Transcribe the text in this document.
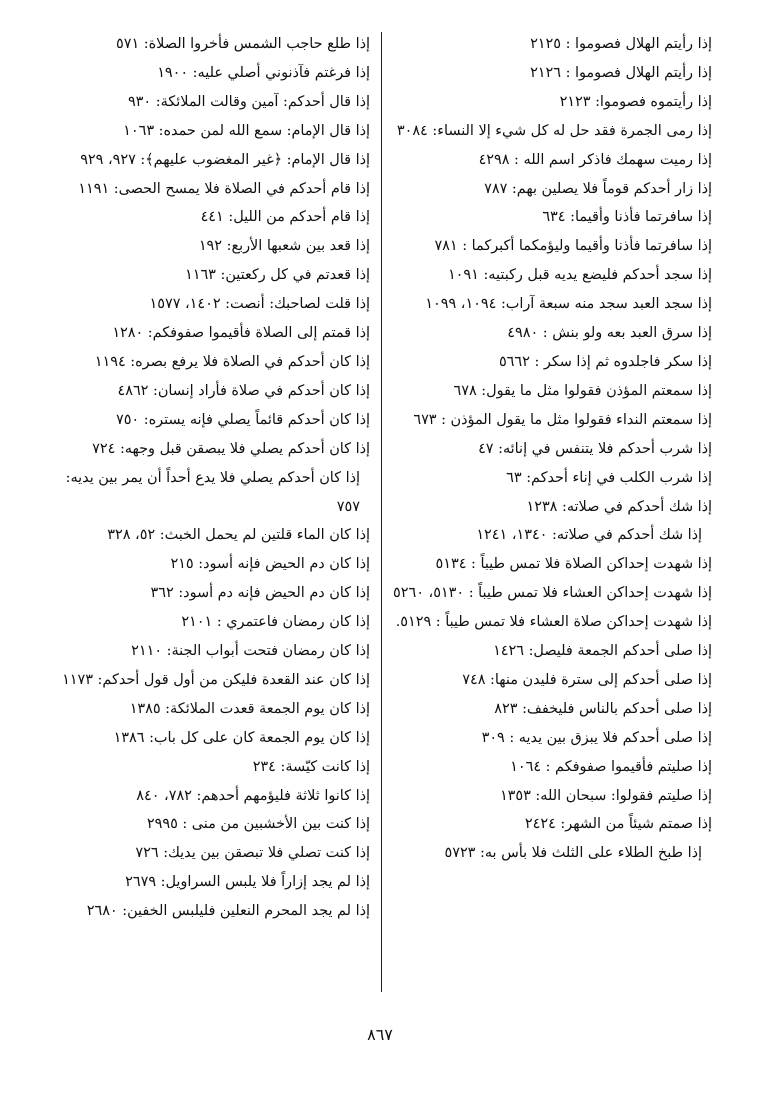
إذا رأيتم الهلال فصوموا : ٢١٢٥
إذا رأيتم الهلال فصوموا : ٢١٢٦
إذا رأيتموه فصوموا: ٢١٢٣
إذا رمى الجمرة فقد حل له كل شيء إلا النساء: ٣٠٨٤
إذا رميت سهمك فاذكر اسم الله : ٤٢٩٨
إذا زار أحدكم قوماً فلا يصلين بهم: ٧٨٧
إذا سافرتما فأذنا وأقيما: ٦٣٤
إذا سافرتما فأذنا وأقيما وليؤمكما أكبركما : ٧٨١
إذا سجد أحدكم فليضع يديه قبل ركبتيه: ١٠٩١
إذا سجد العبد سجد منه سبعة آراب: ١٠٩٤، ١٠٩٩
إذا سرق العبد بعه ولو بنش : ٤٩٨٠
إذا سكر فاجلدوه ثم إذا سكر : ٥٦٦٢
إذا سمعتم المؤذن فقولوا مثل ما يقول: ٦٧٨
إذا سمعتم النداء فقولوا مثل ما يقول المؤذن : ٦٧٣
إذا شرب أحدكم فلا يتنفس في إنائه: ٤٧
إذا شرب الكلب في إناء أحدكم: ٦٣
إذا شك أحدكم في صلاته: ١٢٣٨
إذا شك أحدكم في صلاته: ١٣٤٠، ١٢٤١
إذا شهدت إحداكن الصلاة فلا تمس طيباً : ٥١٣٤
إذا شهدت إحداكن العشاء فلا تمس طيباً : ٥١٣٠، ٥٢٦٠
إذا شهدت إحداكن صلاة العشاء فلا تمس طيباً : ٥١٢٩.
إذا صلى أحدكم الجمعة فليصل: ١٤٢٦
إذا صلى أحدكم إلى سترة فليدن منها: ٧٤٨
إذا صلى أحدكم بالناس فليخفف: ٨٢٣
إذا صلى أحدكم فلا يبزق بين يديه : ٣٠٩
إذا صليتم فأقيموا صفوفكم : ١٠٦٤
إذا صليتم فقولوا: سبحان الله: ١٣٥٣
إذا صمتم شيئاً من الشهر: ٢٤٢٤
إذا طبخ الطلاء على الثلث فلا بأس به: ٥٧٢٣
إذا طلع حاجب الشمس فأخروا الصلاة: ٥٧١
إذا فرغتم فآذنوني أصلي عليه: ١٩٠٠
إذا قال أحدكم: آمين وقالت الملائكة: ٩٣٠
إذا قال الإمام: سمع الله لمن حمده: ١٠٦٣
إذا قال الإمام: ﴿غير المغضوب عليهم﴾: ٩٢٧، ٩٢٩
إذا قام أحدكم في الصلاة فلا يمسح الحصى: ١١٩١
إذا قام أحدكم من الليل: ٤٤١
إذا قعد بين شعبها الأربع: ١٩٢
إذا قعدتم في كل ركعتين: ١١٦٣
إذا قلت لصاحبك: أنصت: ١٤٠٢، ١٥٧٧
إذا قمتم إلى الصلاة فأقيموا صفوفكم: ١٢٨٠
إذا كان أحدكم في الصلاة فلا يرفع بصره: ١١٩٤
إذا كان أحدكم في صلاة فأراد إنسان: ٤٨٦٢
إذا كان أحدكم قائماً يصلي فإنه يستره: ٧٥٠
إذا كان أحدكم يصلي فلا يبصقن قبل وجهه: ٧٢٤
إذا كان أحدكم يصلي فلا يدع أحداً أن يمر بين يديه: ٧٥٧
إذا كان الماء قلتين لم يحمل الخبث: ٥٢، ٣٢٨
إذا كان دم الحيض فإنه أسود: ٢١٥
إذا كان دم الحيض فإنه دم أسود: ٣٦٢
إذا كان رمضان فاعتمري : ٢١٠١
إذا كان رمضان فتحت أبواب الجنة: ٢١١٠
إذا كان عند القعدة فليكن من أول قول أحدكم: ١١٧٣
إذا كان يوم الجمعة قعدت الملائكة: ١٣٨٥
إذا كان يوم الجمعة كان على كل باب: ١٣٨٦
إذا كانت كيّسة: ٢٣٤
إذا كانوا ثلاثة فليؤمهم أحدهم: ٧٨٢، ٨٤٠
إذا كنت بين الأخشبين من منى : ٢٩٩٥
إذا كنت تصلي فلا تبصقن بين يديك: ٧٢٦
إذا لم يجد إزاراً فلا يلبس السراويل: ٢٦٧٩
إذا لم يجد المحرم النعلين فليلبس الخفين: ٢٦٨٠
٨٦٧
